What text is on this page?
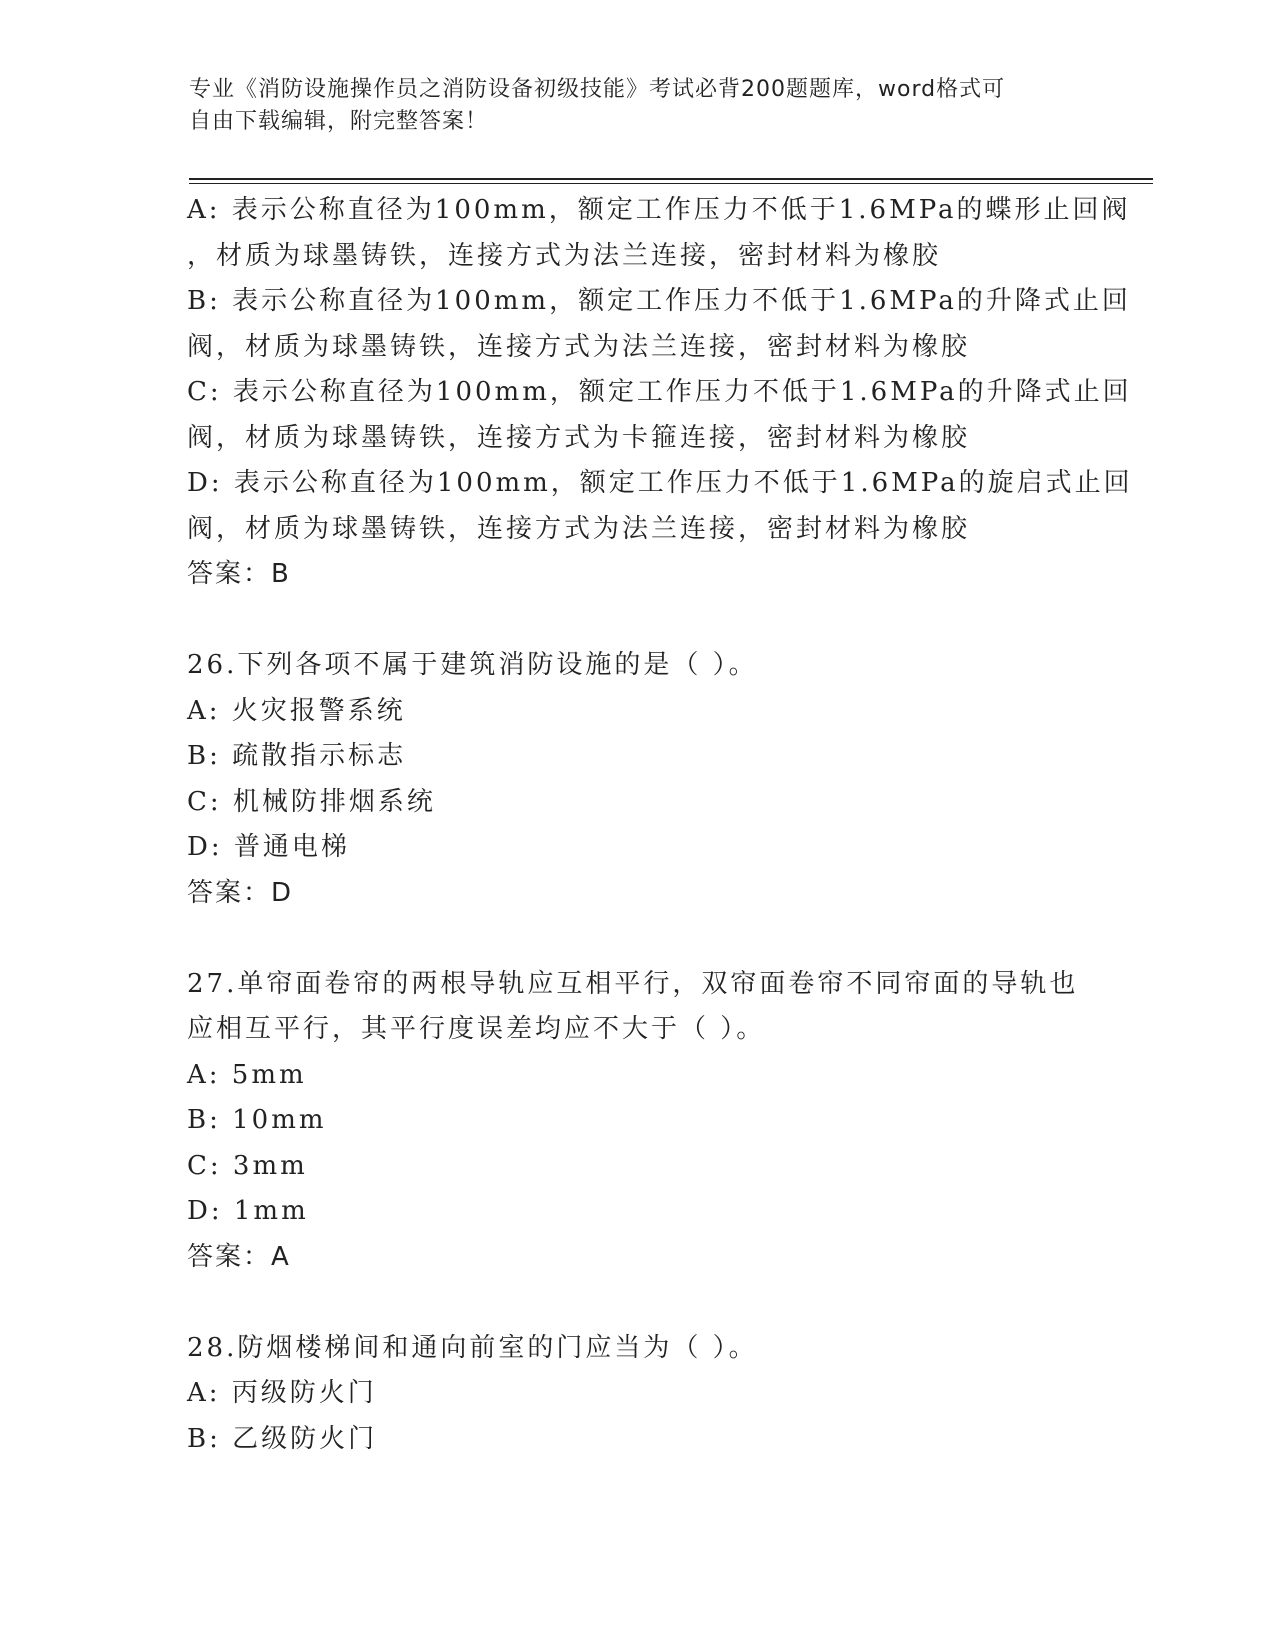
专业《消防设施操作员之消防设备初级技能》考试必背200题题库，word格式可
自由下载编辑，附完整答案！
A: 表示公称直径为100mm，额定工作压力不低于1.6MPa的蝶形止回阀
，材质为球墨铸铁，连接方式为法兰连接，密封材料为橡胶
B: 表示公称直径为100mm，额定工作压力不低于1.6MPa的升降式止回
阀，材质为球墨铸铁，连接方式为法兰连接，密封材料为橡胶
C: 表示公称直径为100mm，额定工作压力不低于1.6MPa的升降式止回
阀，材质为球墨铸铁，连接方式为卡箍连接，密封材料为橡胶
D: 表示公称直径为100mm，额定工作压力不低于1.6MPa的旋启式止回
阀，材质为球墨铸铁，连接方式为法兰连接，密封材料为橡胶
答案：B
26.下列各项不属于建筑消防设施的是（ ）。
A: 火灾报警系统
B: 疏散指示标志
C: 机械防排烟系统
D: 普通电梯
答案：D
27.单帘面卷帘的两根导轨应互相平行，双帘面卷帘不同帘面的导轨也
应相互平行，其平行度误差均应不大于（ ）。
A: 5mm
B: 10mm
C: 3mm
D: 1mm
答案：A
28.防烟楼梯间和通向前室的门应当为（ ）。
A: 丙级防火门
B: 乙级防火门
